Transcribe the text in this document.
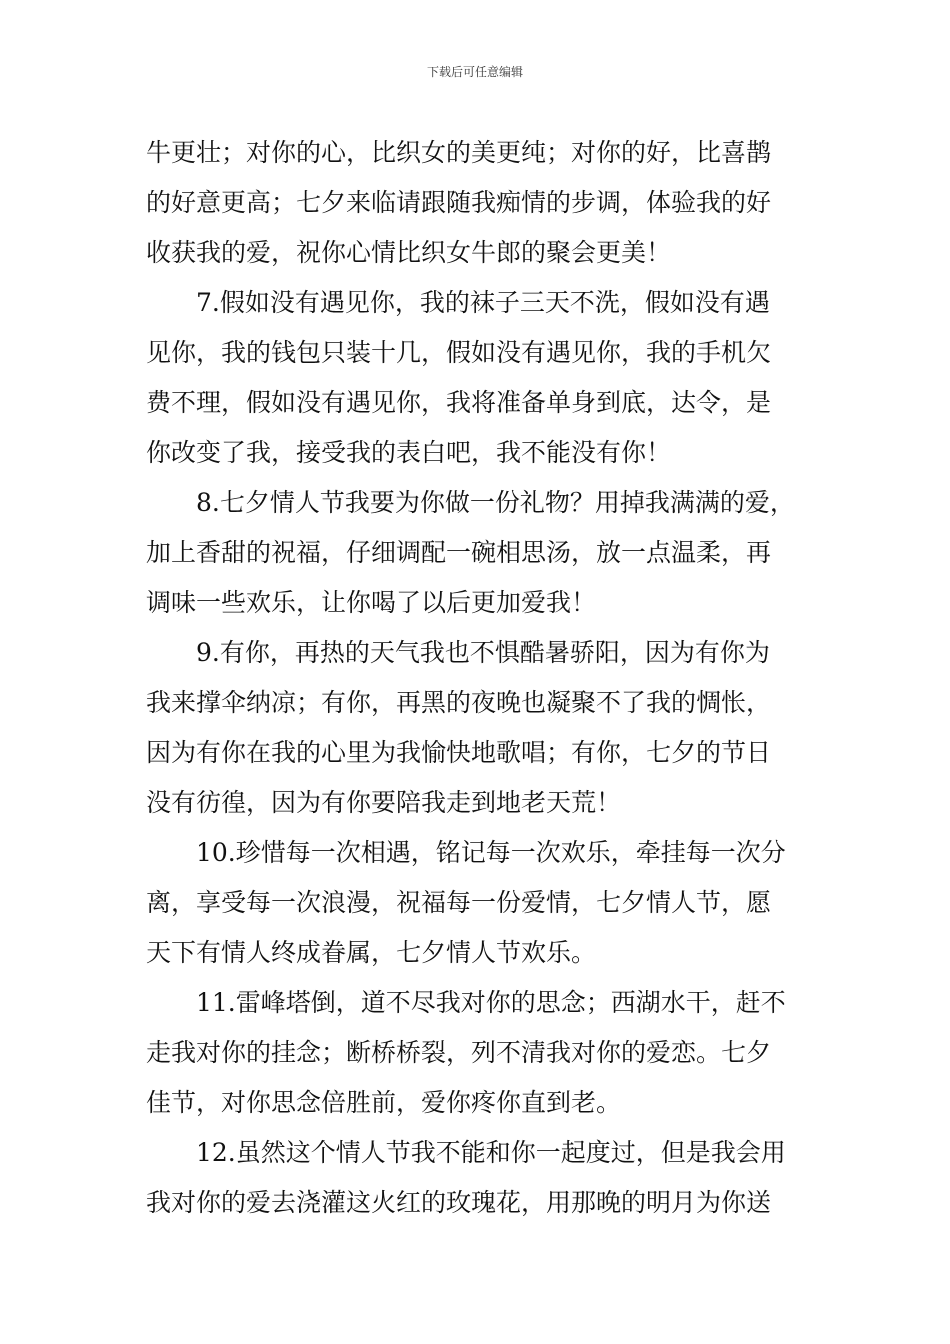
下载后可任意编辑
牛更壮；对你的心，比织女的美更纯；对你的好，比喜鹊
的好意更高；七夕来临请跟随我痴情的步调，体验我的好
收获我的爱，祝你心情比织女牛郎的聚会更美！
7.假如没有遇见你，我的袜子三天不洗，假如没有遇
见你，我的钱包只装十几，假如没有遇见你，我的手机欠
费不理，假如没有遇见你，我将准备单身到底，达令，是
你改变了我，接受我的表白吧，我不能没有你！
8.七夕情人节我要为你做一份礼物？用掉我满满的爱，
加上香甜的祝福，仔细调配一碗相思汤，放一点温柔，再
调味一些欢乐，让你喝了以后更加爱我！
9.有你，再热的天气我也不惧酷暑骄阳，因为有你为
我来撑伞纳凉；有你，再黑的夜晚也凝聚不了我的惆怅，
因为有你在我的心里为我愉快地歌唱；有你，七夕的节日
没有彷徨，因为有你要陪我走到地老天荒！
10.珍惜每一次相遇，铭记每一次欢乐，牵挂每一次分
离，享受每一次浪漫，祝福每一份爱情，七夕情人节，愿
天下有情人终成眷属，七夕情人节欢乐。
11.雷峰塔倒，道不尽我对你的思念；西湖水干，赶不
走我对你的挂念；断桥桥裂，列不清我对你的爱恋。七夕
佳节，对你思念倍胜前，爱你疼你直到老。
12.虽然这个情人节我不能和你一起度过，但是我会用
我对你的爱去浇灌这火红的玫瑰花，用那晚的明月为你送
